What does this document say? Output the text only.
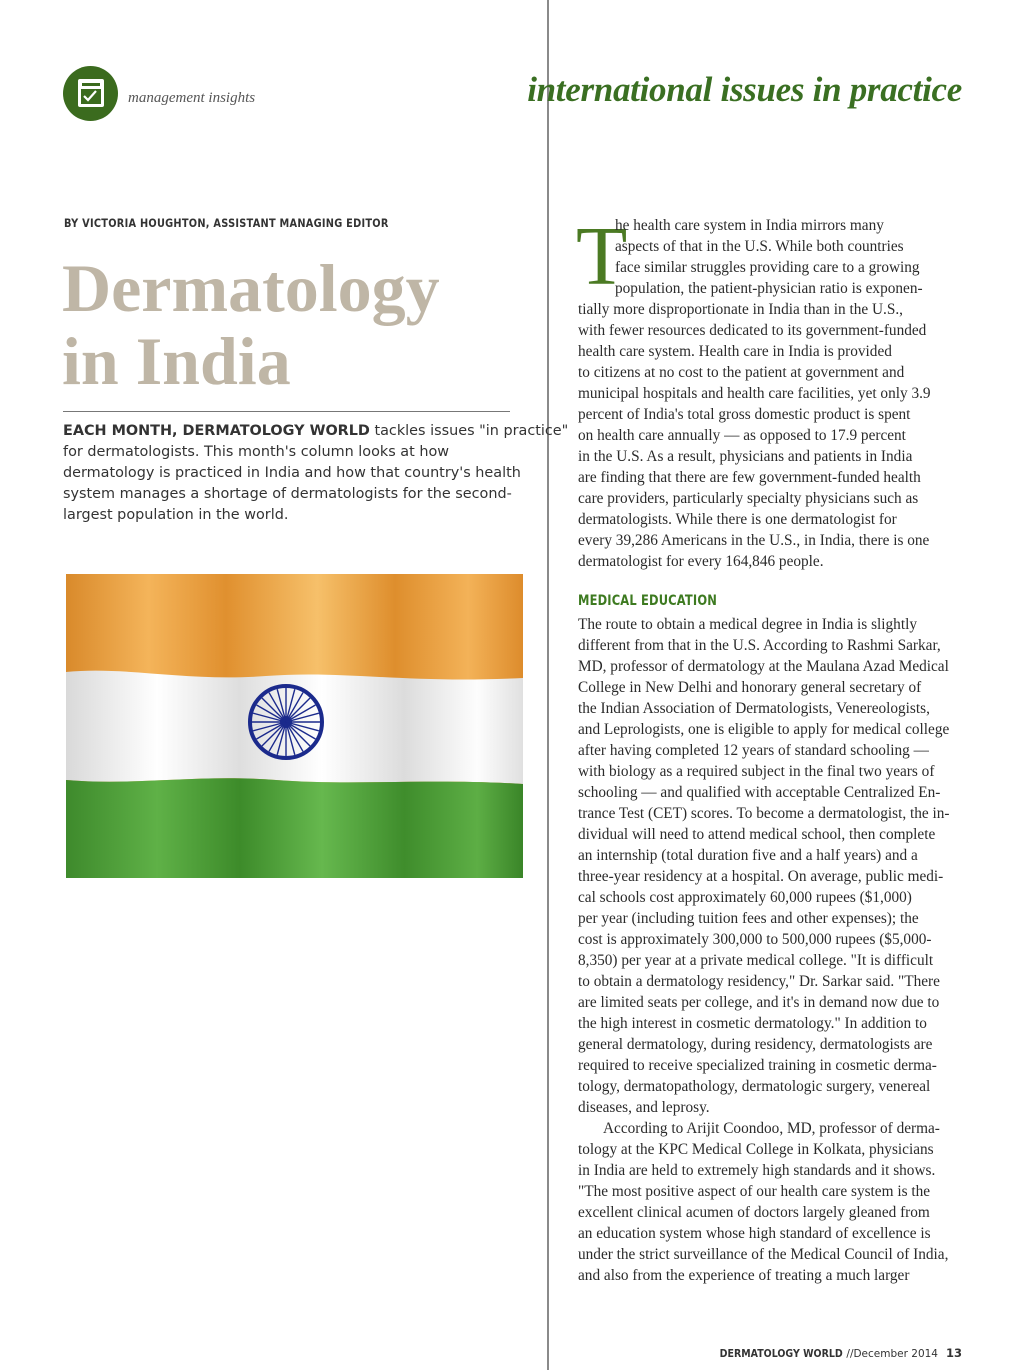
management insights	international issues in practice
BY VICTORIA HOUGHTON, ASSISTANT MANAGING EDITOR
Dermatology
in India
EACH MONTH, DERMATOLOGY WORLD tackles issues "in practice"
for dermatologists. This month's column looks at how
dermatology is practiced in India and how that country's health
system manages a shortage of dermatologists for the second-
largest population in the world.
T
he health care system in India mirrors many
aspects of that in the U.S. While both countries
face similar struggles providing care to a growing
population, the patient-physician ratio is exponen-
tially more disproportionate in India than in the U.S.,
with fewer resources dedicated to its government-funded
health care system. Health care in India is provided
to citizens at no cost to the patient at government and
municipal hospitals and health care facilities, yet only 3.9
percent of India's total gross domestic product is spent
on health care annually — as opposed to 17.9 percent
in the U.S. As a result, physicians and patients in India
are finding that there are few government-funded health
care providers, particularly specialty physicians such as
dermatologists. While there is one dermatologist for
every 39,286 Americans in the U.S., in India, there is one
dermatologist for every 164,846 people.
MEDICAL EDUCATION
The route to obtain a medical degree in India is slightly
different from that in the U.S. According to Rashmi Sarkar,
MD, professor of dermatology at the Maulana Azad Medical
College in New Delhi and honorary general secretary of
the Indian Association of Dermatologists, Venereologists,
and Leprologists, one is eligible to apply for medical college
after having completed 12 years of standard schooling —
with biology as a required subject in the final two years of
schooling — and qualified with acceptable Centralized En-
trance Test (CET) scores. To become a dermatologist, the in-
dividual will need to attend medical school, then complete
an internship (total duration five and a half years) and a
three-year residency at a hospital. On average, public medi-
cal schools cost approximately 60,000 rupees ($1,000)
per year (including tuition fees and other expenses); the
cost is approximately 300,000 to 500,000 rupees ($5,000-
8,350) per year at a private medical college. "It is difficult
to obtain a dermatology residency," Dr. Sarkar said. "There
are limited seats per college, and it's in demand now due to
the high interest in cosmetic dermatology." In addition to
general dermatology, during residency, dermatologists are
required to receive specialized training in cosmetic derma-
tology, dermatopathology, dermatologic surgery, venereal
diseases, and leprosy.
According to Arijit Coondoo, MD, professor of derma-
tology at the KPC Medical College in Kolkata, physicians
in India are held to extremely high standards and it shows.
"The most positive aspect of our health care system is the
excellent clinical acumen of doctors largely gleaned from
an education system whose high standard of excellence is
under the strict surveillance of the Medical Council of India,
and also from the experience of treating a much larger
DERMATOLOGY WORLD //December 2014 13
